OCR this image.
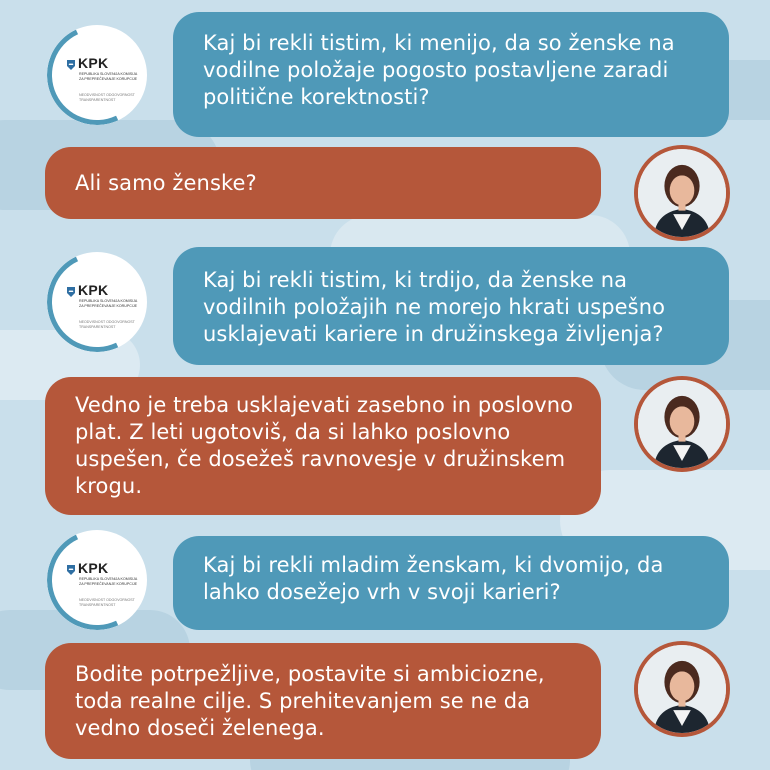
KPK
REPUBLIKA SLOVENIJA KOMISIJA ZA PREPREČEVANJE KORUPCIJE
NEODVISNOST ODGOVORNOST TRANSPARENTNOST
Kaj bi rekli tistim, ki menijo, da so ženske na vodilne položaje pogosto postavljene zaradi politične korektnosti?
Ali samo ženske?
KPK
REPUBLIKA SLOVENIJA KOMISIJA ZA PREPREČEVANJE KORUPCIJE
NEODVISNOST ODGOVORNOST TRANSPARENTNOST
Kaj bi rekli tistim, ki trdijo, da ženske na vodilnih položajih ne morejo hkrati uspešno usklajevati kariere in družinskega življenja?
Vedno je treba usklajevati zasebno in poslovno plat. Z leti ugotoviš, da si lahko poslovno uspešen, če dosežeš ravnovesje v družinskem krogu.
KPK
REPUBLIKA SLOVENIJA KOMISIJA ZA PREPREČEVANJE KORUPCIJE
NEODVISNOST ODGOVORNOST TRANSPARENTNOST
Kaj bi rekli mladim ženskam, ki dvomijo, da lahko dosežejo vrh v svoji karieri?
Bodite potrpežljive, postavite si ambiciozne, toda realne cilje. S prehitevanjem se ne da vedno doseči želenega.
